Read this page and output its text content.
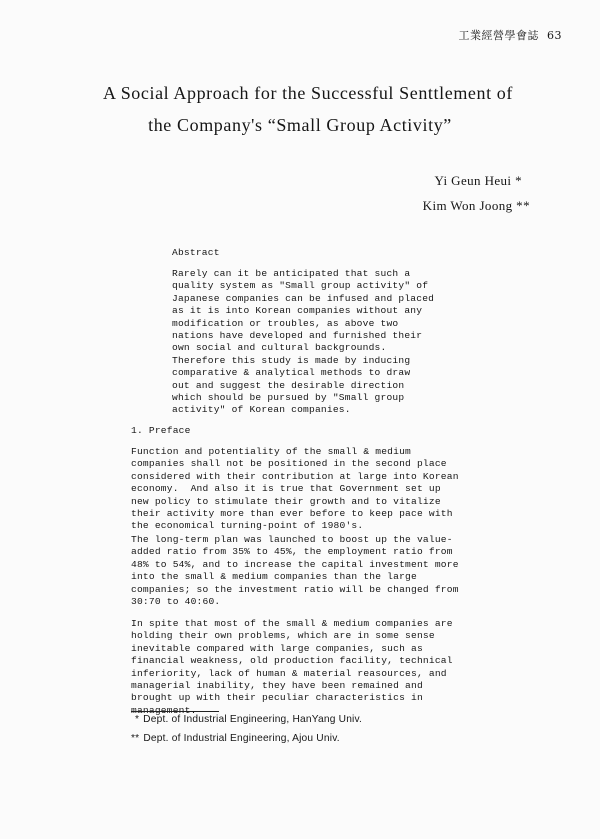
工業經營學會誌 63
A Social Approach for the Successful Senttlement of
the Company's “Small Group Activity”
Yi Geun Heui *
Kim Won Joong **
Abstract
Rarely can it be anticipated that such a
quality system as "Small group activity" of
Japanese companies can be infused and placed
as it is into Korean companies without any
modification or troubles, as above two
nations have developed and furnished their
own social and cultural backgrounds.
Therefore this study is made by inducing
comparative & analytical methods to draw
out and suggest the desirable direction
which should be pursued by "Small group
activity" of Korean companies.
1. Preface
Function and potentiality of the small & medium
companies shall not be positioned in the second place
considered with their contribution at large into Korean
economy.  And also it is true that Government set up
new policy to stimulate their growth and to vitalize
their activity more than ever before to keep pace with
the economical turning-point of 1980's.
The long-term plan was launched to boost up the value-
added ratio from 35% to 45%, the employment ratio from
48% to 54%, and to increase the capital investment more
into the small & medium companies than the large
companies; so the investment ratio will be changed from
30:70 to 40:60.
In spite that most of the small & medium companies are
holding their own problems, which are in some sense
inevitable compared with large companies, such as
financial weakness, old production facility, technical
inferiority, lack of human & material reasources, and
managerial inability, they have been remained and
brought up with their peculiar characteristics in

* Dept. of Industrial Engineering, HanYang Univ.
** Dept. of Industrial Engineering, Ajou Univ.
